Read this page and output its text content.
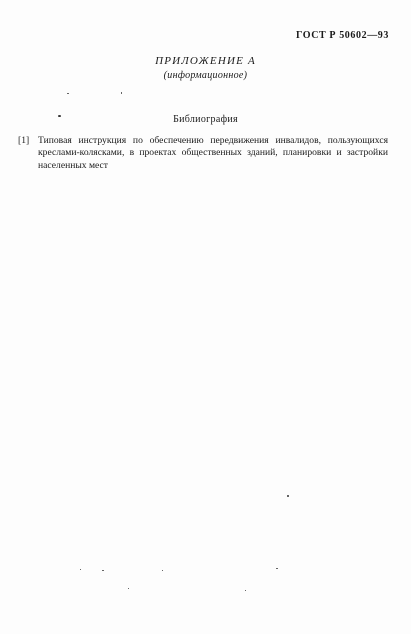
ГОСТ Р 50602—93
ПРИЛОЖЕНИЕ А
(информационное)
Библиография
[1] Типовая инструкция по обеспечению передвижения инвалидов, пользующихся креслами-колясками, в проектах общественных зданий, планировки и застройки населенных мест
